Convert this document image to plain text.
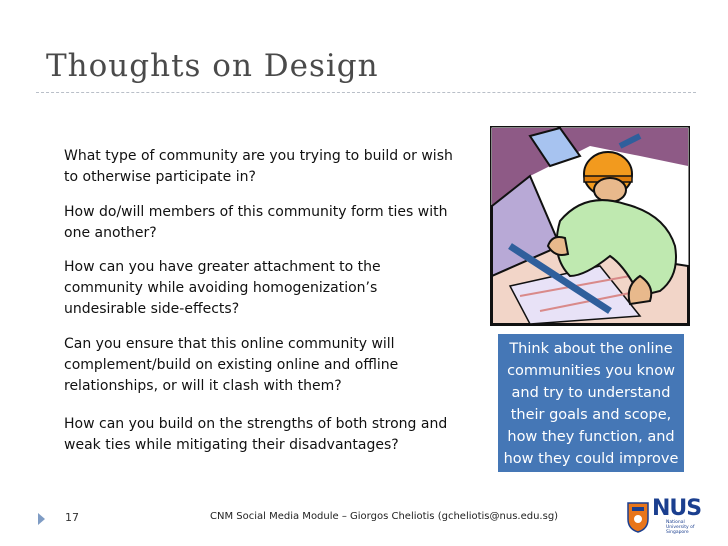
Thoughts on Design

What type of community are you trying to build or wish to otherwise participate in?

How do/will members of this community form ties with one another?

How can you have greater attachment to the community while avoiding homogenization’s undesirable side-effects?

Can you ensure that this online community will complement/build on existing online and offline relationships, or will it clash with them?

How can you build on the strengths of both strong and weak ties while mitigating their disadvantages?

Think about the online communities you know and try to understand their goals and scope, how they function, and how they could improve
17	CNM Social Media Module – Giorgos Cheliotis (gcheliotis@nus.edu.sg)	NUS
National University of Singapore
